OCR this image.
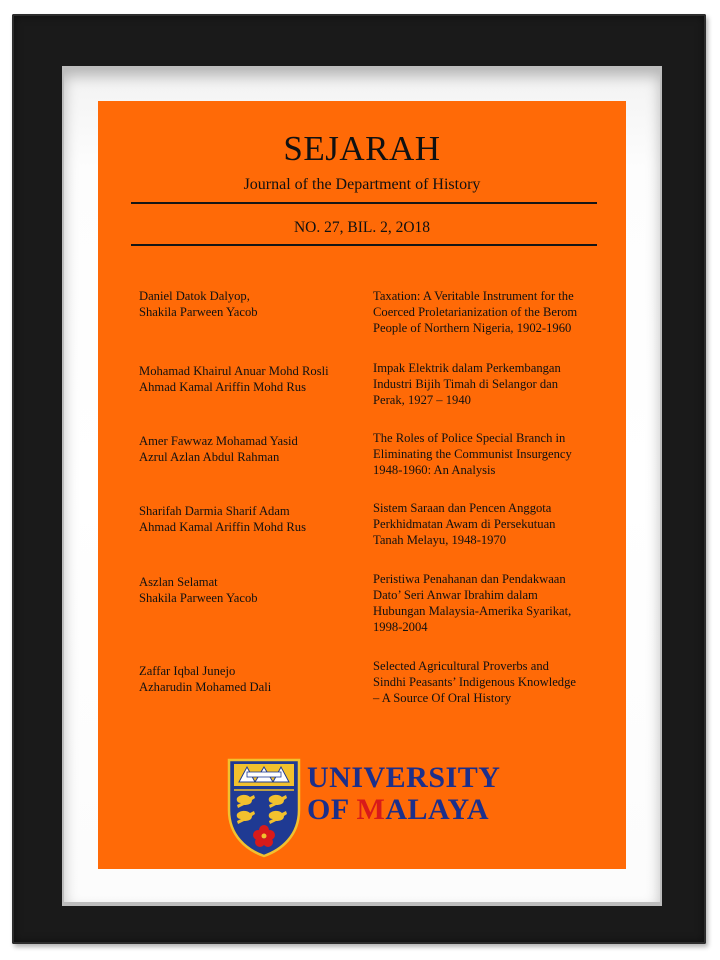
SEJARAH
Journal of the Department of History
NO. 27, BIL. 2, 2O18
Daniel Datok Dalyop,
Shakila Parween Yacob
Taxation: A Veritable Instrument for the
Coerced Proletarianization of the Berom
People of Northern Nigeria, 1902-1960
Mohamad Khairul Anuar Mohd Rosli
Ahmad Kamal Ariffin Mohd Rus
Impak Elektrik dalam Perkembangan
Industri Bijih Timah di Selangor dan
Perak, 1927 – 1940
Amer Fawwaz Mohamad Yasid
Azrul Azlan Abdul Rahman
The Roles of Police Special Branch in
Eliminating the Communist Insurgency
1948-1960: An Analysis
Sharifah Darmia Sharif Adam
Ahmad Kamal Ariffin Mohd Rus
Sistem Saraan dan Pencen Anggota
Perkhidmatan Awam di Persekutuan
Tanah Melayu, 1948-1970
Aszlan Selamat
Shakila Parween Yacob
Peristiwa Penahanan dan Pendakwaan
Dato’ Seri Anwar Ibrahim dalam
Hubungan Malaysia-Amerika Syarikat,
1998-2004
Zaffar Iqbal Junejo
Azharudin Mohamed Dali
Selected Agricultural Proverbs and
Sindhi Peasants’ Indigenous Knowledge
– A Source Of Oral History
UNIVERSITY
OF MALAYA
